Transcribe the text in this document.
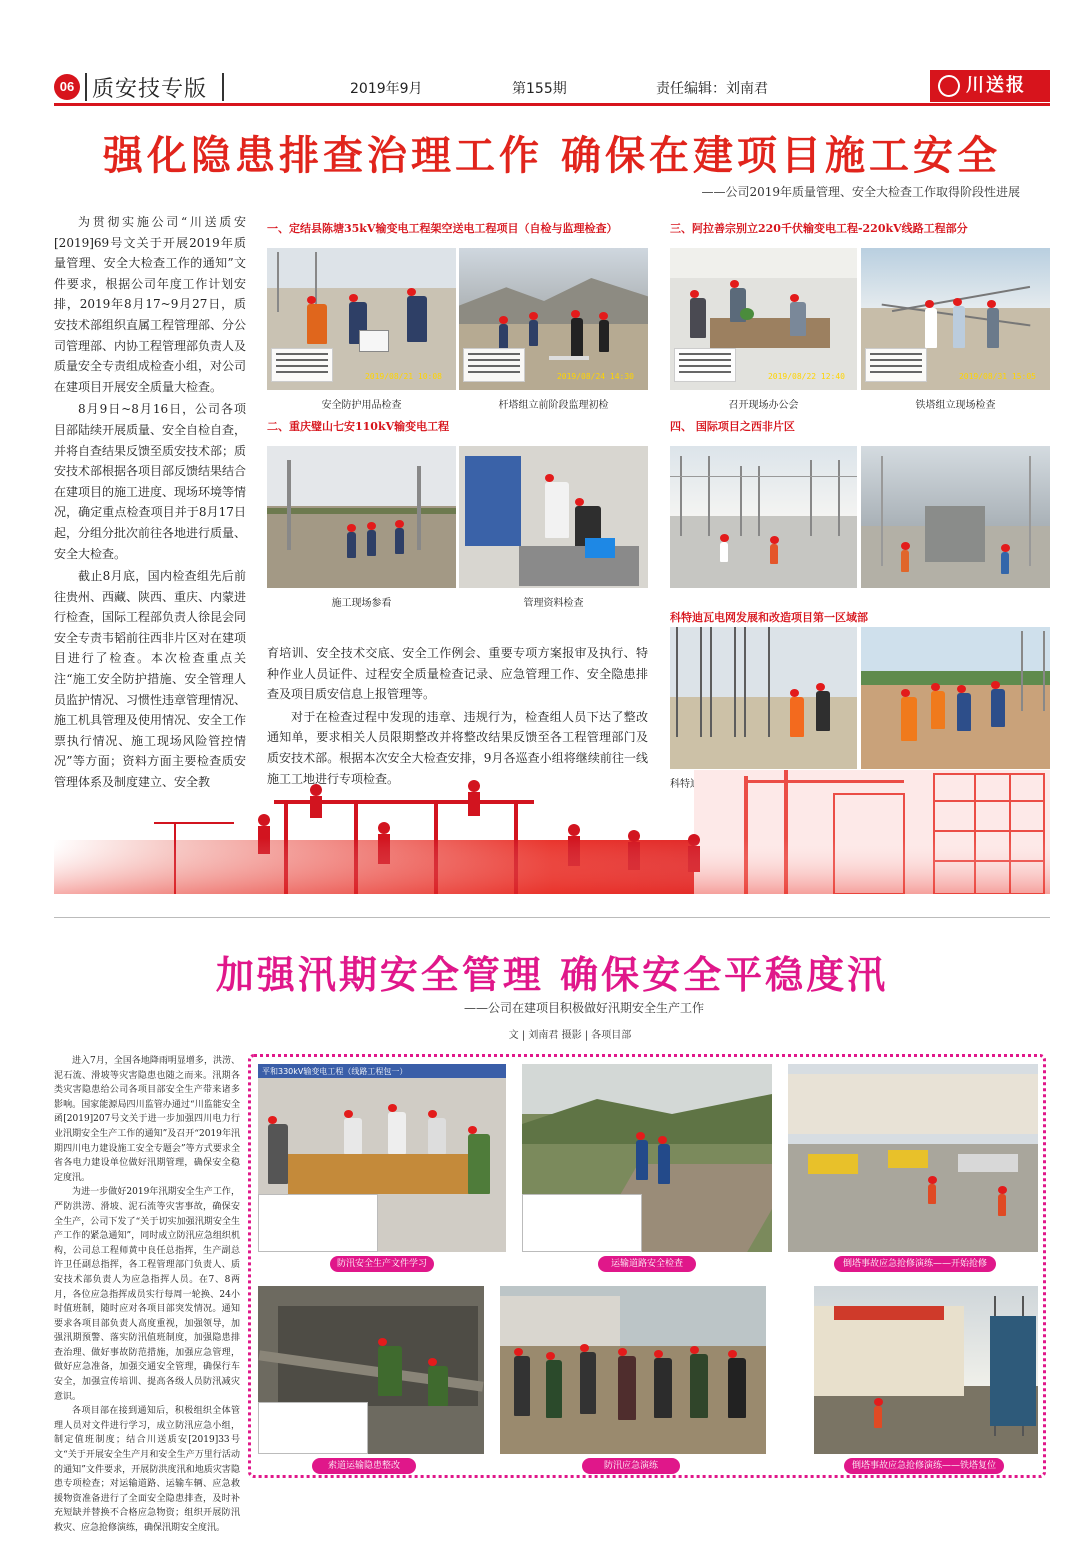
06 质安技专版	2019年9月	第155期	责任编辑：刘南君	川送报
强化隐患排查治理工作 确保在建项目施工安全
——公司2019年质量管理、安全大检查工作取得阶段性进展

为贯彻实施公司“川送质安[2019]69号文关于开展2019年质量管理、安全大检查工作的通知”文件要求，根据公司年度工作计划安排，2019年8月17~9月27日，质安技术部组织直属工程管理部、分公司管理部、内协工程管理部负责人及质量安全专责组成检查小组，对公司在建项目开展安全质量大检查。

8月9日~8月16日，公司各项目部陆续开展质量、安全自检自查，并将自查结果反馈至质安技术部；质安技术部根据各项目部反馈结果结合在建项目的施工进度、现场环境等情况，确定重点检查项目并于8月17日起，分组分批次前往各地进行质量、安全大检查。

截止8月底，国内检查组先后前往贵州、西藏、陕西、重庆、内蒙进行检查，国际工程部负责人徐昆会同安全专责韦韬前往西非片区对在建项目进行了检查。本次检查重点关注“施工安全防护措施、安全管理人员监护情况、习惯性违章管理情况、施工机具管理及使用情况、安全工作票执行情况、施工现场风险管控情况”等方面；资料方面主要检查质安

一、定结县陈塘35kV输变电工程架空送电工程项目（自检与监理检查）
2019/08/21 10:08	2019/08/24 14:30
安全防护用品检查	杆塔组立前阶段监理初检
二、重庆璧山七安110kV输变电工程
施工现场参看	管理资料检查

育培训、安全技术交底、安全工作例会、重要专项方案报审及执行、特种作业人员证件、过程安全质量检查记录、应急管理工作、安全隐患排查及项目质安信息上报管理等。

对于在检查过程中发现的违章、违规行为，检查组人员下达了整改通知单，要求相关人员限期整改并将整改结果反馈至各工程管理部门及质安技术部。根据本次安全大检查安排，9月各巡查小组将继续前往一线

三、阿拉善宗别立220千伏输变电工程-220kV线路工程部分
2019/08/22 12:40	2019/08/31 15:05
召开现场办公会	铁塔组立现场检查
四、 国际项目之西非片区
科特迪瓦电网发展和改造项目第一区域部
加强汛期安全管理 确保安全平稳度汛
——公司在建项目积极做好汛期安全生产工作
文 | 刘南君 摄影 | 各项目部

进入7月，全国各地降雨明显增多，洪涝、泥石流、滑坡等灾害隐患也随之而来。汛期各类灾害隐患给公司各项目部安全生产带来诸多影响。国家能源局四川监管办通过“川监能安全函[2019]207号文关于进一步加强四川电力行业汛期安全生产工作的通知”及召开“2019年汛期四川电力建设施工安全专题会”等方式要求全省各电力建设单位做好汛期管理，确保安全稳定度汛。

为进一步做好2019年汛期安全生产工作，严防洪涝、滑坡、泥石流等灾害事故，确保安全生产，公司下发了“关于切实加强汛期安全生产工作的紧急通知”，同时成立防汛应急组织机构，公司总工程师黄中良任总指挥，生产副总许卫任副总指挥，各工程管理部门负责人、质安技术部负责人为应急指挥人员。在7、8两月，各位应急指挥成员实行每周一轮换、24小时值班制，随时应对各项目部突发情况。通知要求各项目部负责人高度重视，加强领导，加强汛期预警、落实防汛值班制度，加强隐患排查治理、做好事故防范措施，加强应急管理，做好应急准备，加强交通安全管理，确保行车安全，加强宣传培训、提高各级人员防汛减灾意识。

各项目部在接到通知后，积极组织全体管理人员对文件进行学习，成立防汛应急小组，制定值班制度；结合川送质安[2019]33号文“关于开展安全生产月和安全生产万里行活动的通知”文件要求，开展防洪度汛和地质灾害隐患专项检查；对运输道路、运输车辆、应急救援物资准备进行了全面安全隐患排查，及时补充短缺并替换不合格应急物资；组织开展防汛救灾、应急抢修演练，确保汛期安全度汛。

平和330kV输变电工程（线路工程包一）
防汛安全生产文件学习	运输道路安全检查	倒塔事故应急抢修演练——开始抢修
索道运输隐患整改	防汛应急演练	倒塔事故应急抢修演练——铁塔复位
